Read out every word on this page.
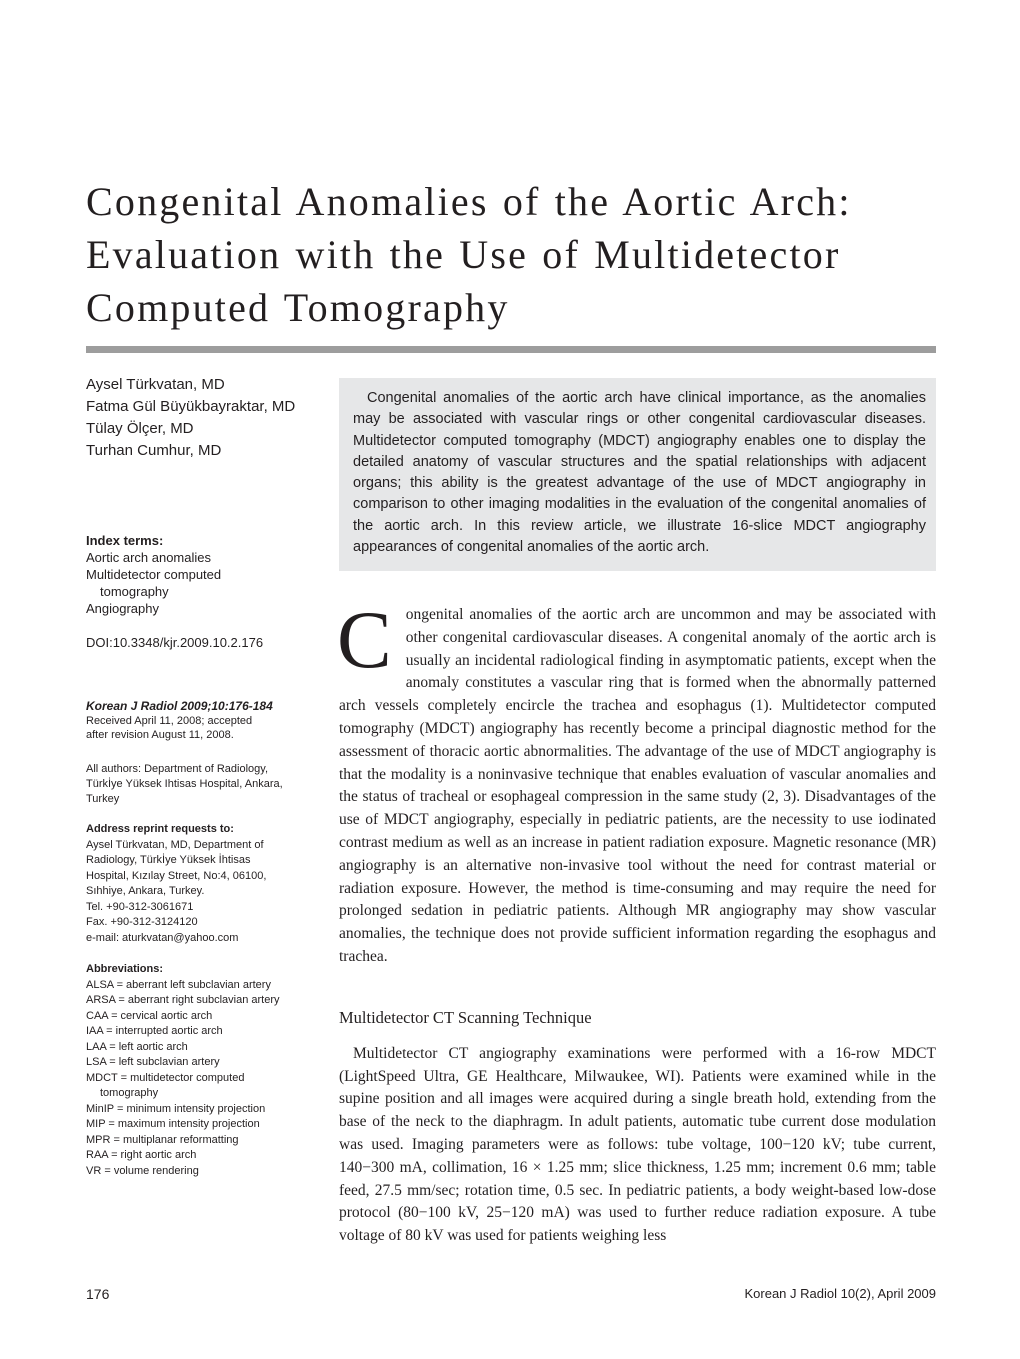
Congenital Anomalies of the Aortic Arch: Evaluation with the Use of Multidetector Computed Tomography
Aysel Türkvatan, MD
Fatma Gül Büyükbayraktar, MD
Tülay Ölçer, MD
Turhan Cumhur, MD
Index terms:
Aortic arch anomalies
Multidetector computed
tomography
Angiography
DOI:10.3348/kjr.2009.10.2.176
Korean J Radiol 2009;10:176-184
Received April 11, 2008; accepted
after revision August 11, 2008.
All authors: Department of Radiology,
Türkİye Yüksek Ihtisas Hospital, Ankara,
Turkey
Address reprint requests to:
Aysel Türkvatan, MD, Department of
Radiology, Türkİye Yüksek İhtisas
Hospital, Kızılay Street, No:4, 06100,
Sıhhiye, Ankara, Turkey.
Tel. +90-312-3061671
Fax. +90-312-3124120
e-mail: aturkvatan@yahoo.com
Abbreviations:
ALSA = aberrant left subclavian artery
ARSA = aberrant right subclavian artery
CAA = cervical aortic arch
IAA = interrupted aortic arch
LAA = left aortic arch
LSA = left subclavian artery
MDCT = multidetector computed
tomography
MinIP = minimum intensity projection
MIP = maximum intensity projection
MPR = multiplanar reformatting
RAA = right aortic arch
VR = volume rendering

Congenital anomalies of the aortic arch have clinical importance, as the anomalies may be associated with vascular rings or other congenital cardiovascular diseases. Multidetector computed tomography (MDCT) angiography enables one to display the detailed anatomy of vascular structures and the spatial relationships with adjacent organs; this ability is the greatest advantage of the use of MDCT angiography in comparison to other imaging modalities in the evaluation of the congenital anomalies of the aortic arch. In this review article, we illustrate 16-slice MDCT angiography appearances of congenital anomalies of the aortic arch.

Congenital anomalies of the aortic arch are uncommon and may be associated with other congenital cardiovascular diseases. A congenital anomaly of the aortic arch is usually an incidental radiological finding in asymptomatic patients, except when the anomaly constitutes a vascular ring that is formed when the abnormally patterned arch vessels completely encircle the trachea and esophagus (1). Multidetector computed tomography (MDCT) angiography has recently become a principal diagnostic method for the assessment of thoracic aortic abnormalities. The advantage of the use of MDCT angiography is that the modality is a noninvasive technique that enables evaluation of vascular anomalies and the status of tracheal or esophageal compression in the same study (2, 3). Disadvantages of the use of MDCT angiography, especially in pediatric patients, are the necessity to use iodinated contrast medium as well as an increase in patient radiation exposure. Magnetic resonance (MR) angiography is an alternative non-invasive tool without the need for contrast material or radiation exposure. However, the method is time-consuming and may require the need for prolonged sedation in pediatric patients. Although MR angiography may show vascular anomalies, the technique does not provide sufficient information regarding the esophagus and trachea.

Multidetector CT Scanning Technique

Multidetector CT angiography examinations were performed with a 16-row MDCT (LightSpeed Ultra, GE Healthcare, Milwaukee, WI). Patients were examined while in the supine position and all images were acquired during a single breath hold, extending from the base of the neck to the diaphragm. In adult patients, automatic tube current dose modulation was used. Imaging parameters were as follows: tube voltage, 100−120 kV; tube current, 140−300 mA, collimation, 16 × 1.25 mm; slice thickness, 1.25 mm; increment 0.6 mm; table feed, 27.5 mm/sec; rotation time, 0.5 sec. In pediatric patients, a body weight-based low-dose protocol (80−100 kV, 25−120 mA) was used to further reduce radiation exposure. A tube voltage of 80 kV was used for patients weighing less

176	Korean J Radiol 10(2), April 2009
